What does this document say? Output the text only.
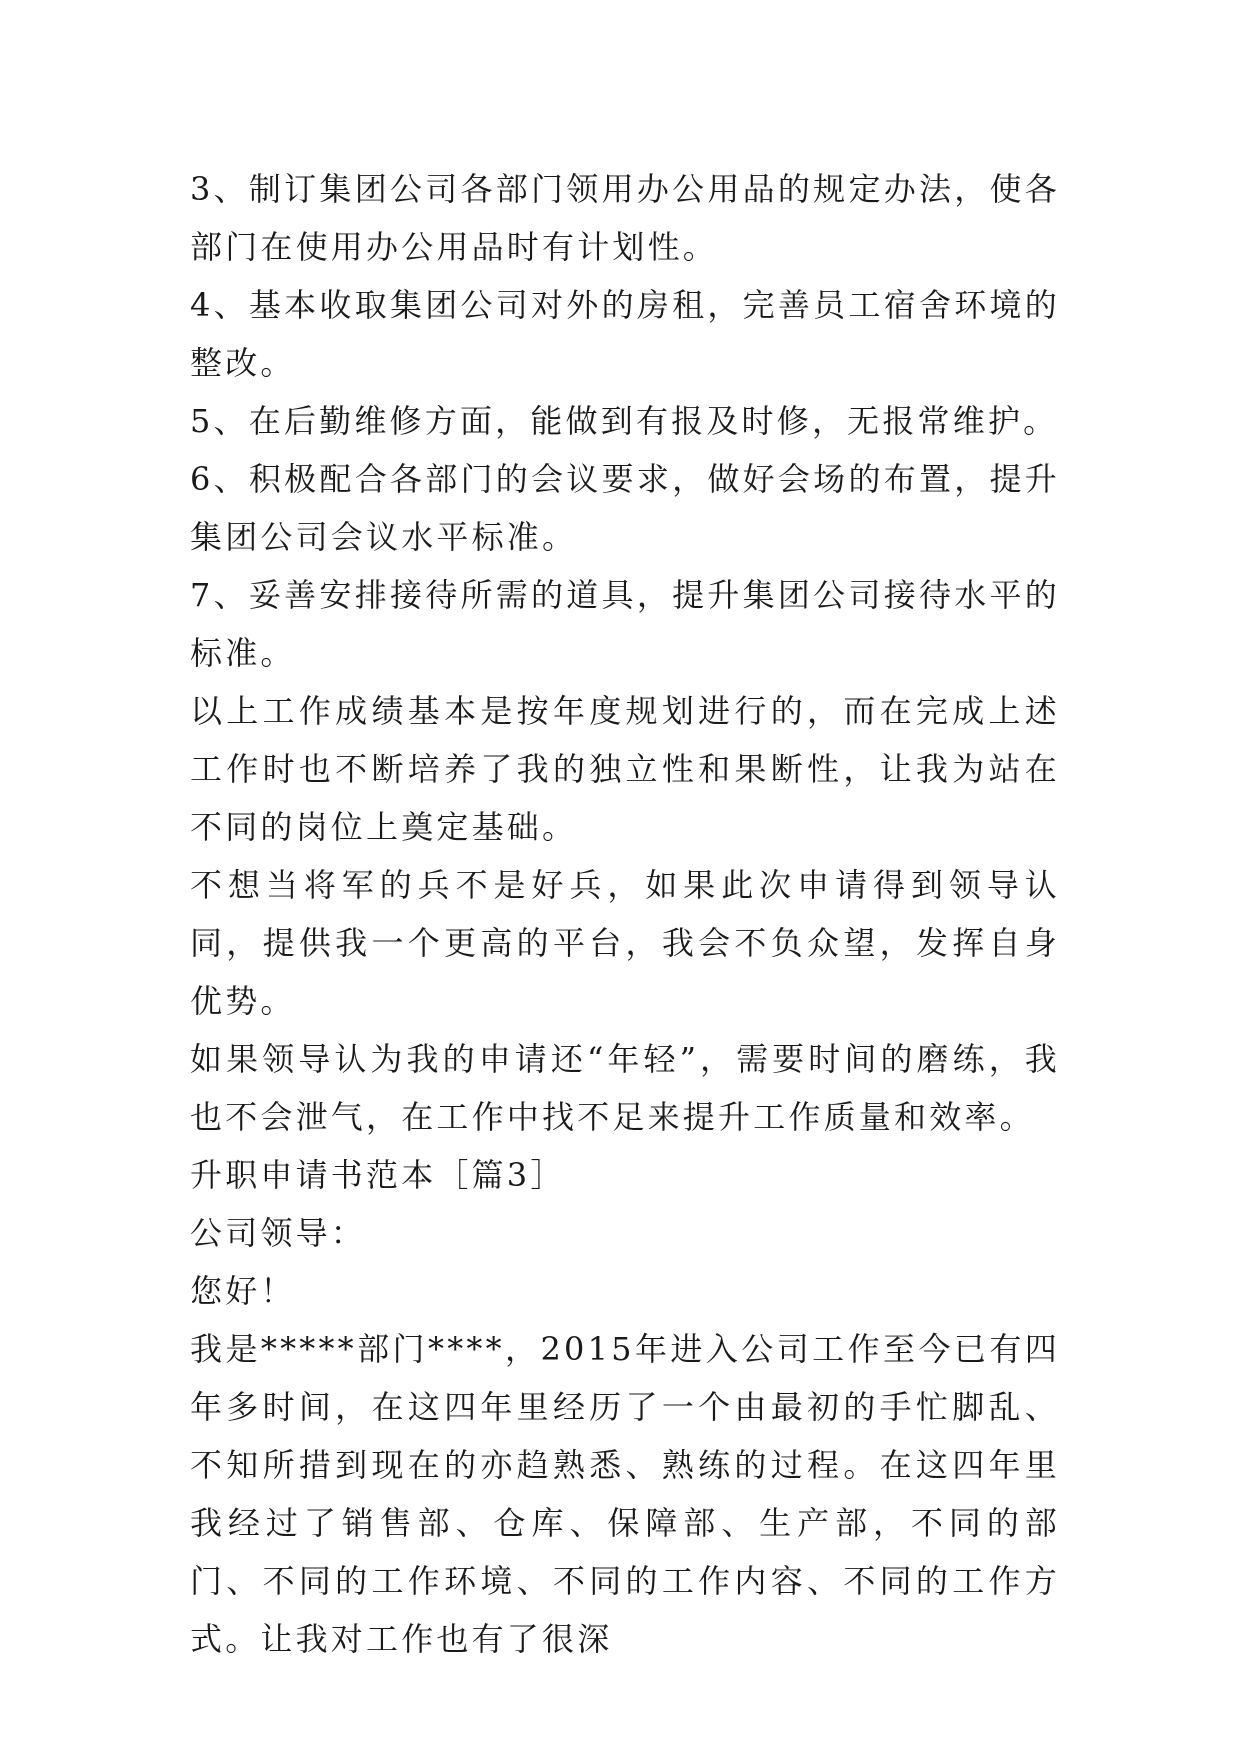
3、制订集团公司各部门领用办公用品的规定办法，使各部门在使用办公用品时有计划性。

4、基本收取集团公司对外的房租，完善员工宿舍环境的整改。

5、在后勤维修方面，能做到有报及时修，无报常维护。

6、积极配合各部门的会议要求，做好会场的布置，提升集团公司会议水平标准。

7、妥善安排接待所需的道具，提升集团公司接待水平的标准。

以上工作成绩基本是按年度规划进行的，而在完成上述工作时也不断培养了我的独立性和果断性，让我为站在不同的岗位上奠定基础。

不想当将军的兵不是好兵，如果此次申请得到领导认同，提供我一个更高的平台，我会不负众望，发挥自身优势。

如果领导认为我的申请还“年轻”，需要时间的磨练，我也不会泄气，在工作中找不足来提升工作质量和效率。

升职申请书范本［篇3］

公司领导：

您好！

我是*****部门****，2015年进入公司工作至今已有四年多时间，在这四年里经历了一个由最初的手忙脚乱、不知所措到现在的亦趋熟悉、熟练的过程。在这四年里我经过了销售部、仓库、保障部、生产部，不同的部门、不同的工作环境、不同的工作内容、不同的工作方式。让我对工作也有了很深
